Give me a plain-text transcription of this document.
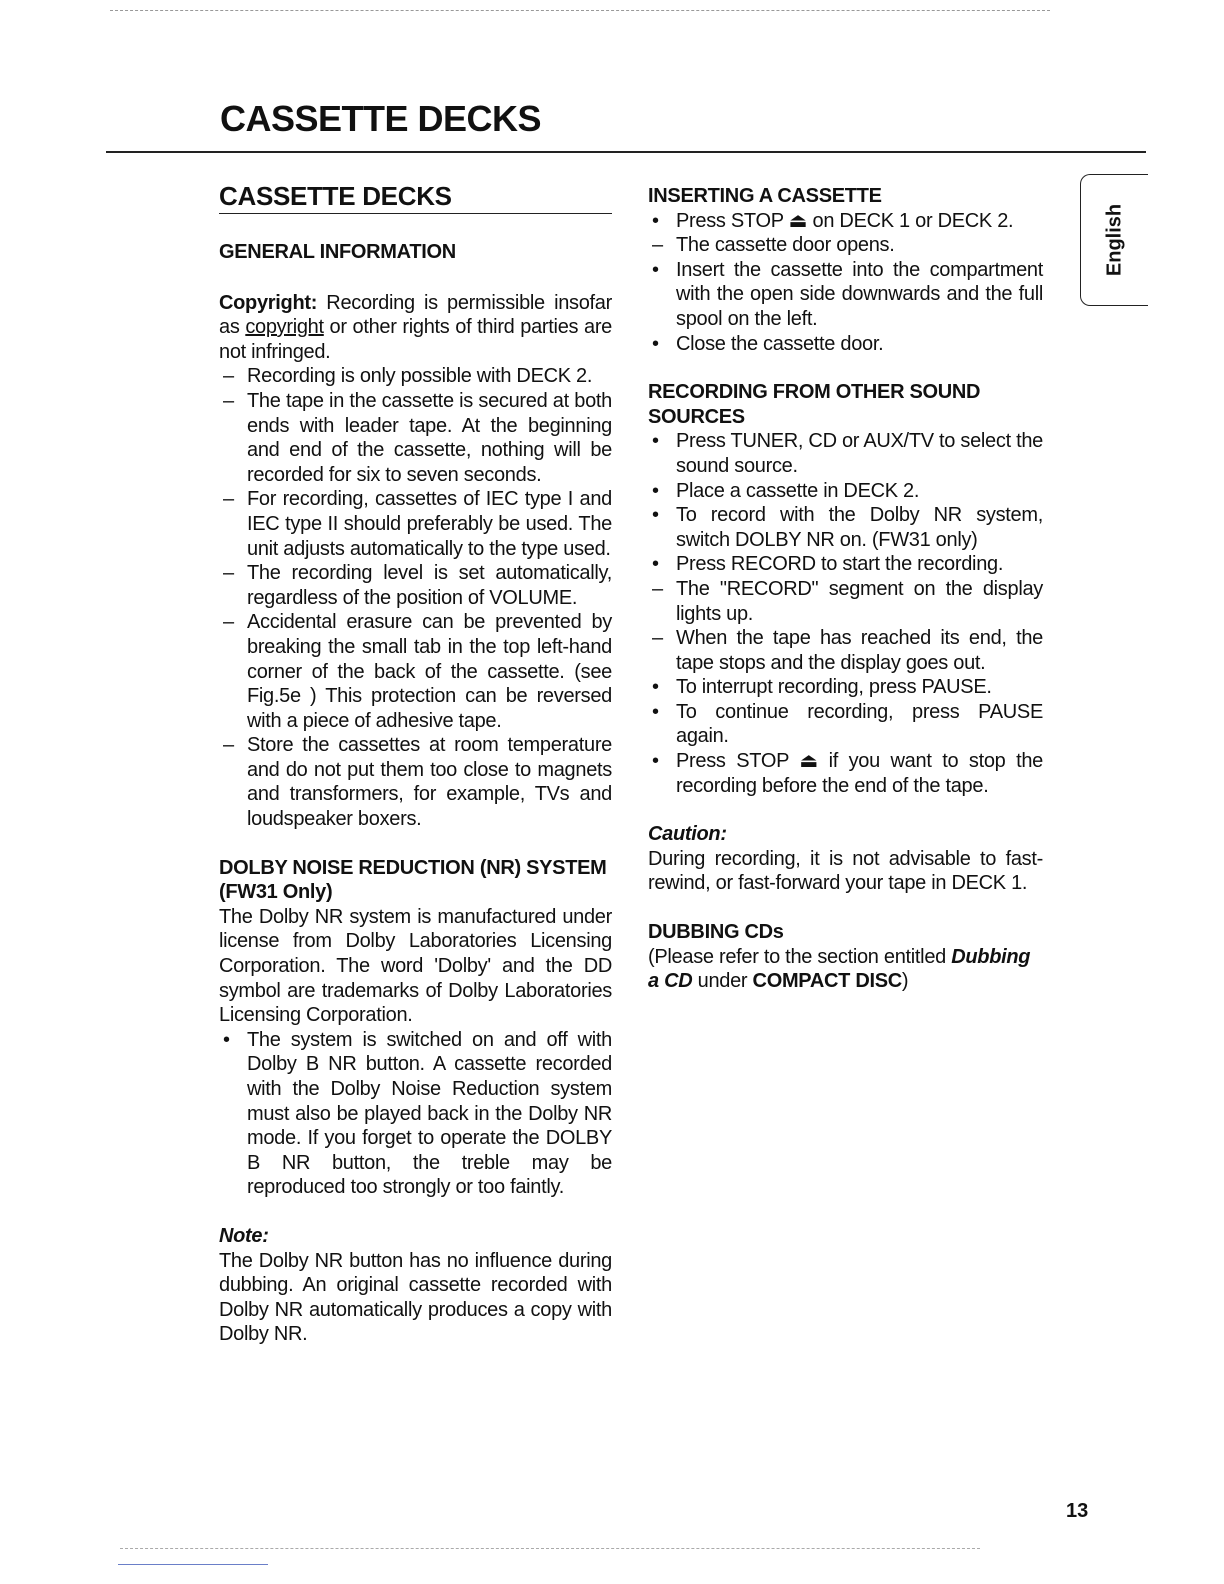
CASSETTE DECKS
English
CASSETTE DECKS

GENERAL INFORMATION

Copyright: Recording is permissible insofar as copyright or other rights of third parties are not infringed.

– Recording is only possible with DECK 2.
– The tape in the cassette is secured at both ends with leader tape. At the beginning and end of the cassette, nothing will be recorded for six to seven seconds.
– For recording, cassettes of IEC type I and IEC type II should preferably be used. The unit adjusts automatically to the type used.
– The recording level is set automatically, regardless of the position of VOLUME.
– Accidental erasure can be prevented by breaking the small tab in the top left-hand corner of the back of the cassette. (see Fig.5e ) This protection can be reversed with a piece of adhesive tape.
– Store the cassettes at room temperature and do not put them too close to magnets and transformers, for example, TVs and loudspeaker boxers.

DOLBY NOISE REDUCTION (NR) SYSTEM (FW31 Only)

The Dolby NR system is manufactured under license from Dolby Laboratories Licensing Corporation. The word 'Dolby' and the DD symbol are trademarks of Dolby Laboratories Licensing Corporation.

• The system is switched on and off with Dolby B NR button. A cassette recorded with the Dolby Noise Reduction system must also be played back in the Dolby NR mode. If you forget to operate the DOLBY B NR button, the treble may be reproduced too strongly or too faintly.

Note:

The Dolby NR button has no influence during dubbing. An original cassette recorded with Dolby NR automatically produces a copy with Dolby NR.

INSERTING A CASSETTE

• Press STOP ⏏ on DECK 1 or DECK 2.
– The cassette door opens.
• Insert the cassette into the compartment with the open side downwards and the full spool on the left.
• Close the cassette door.

RECORDING FROM OTHER SOUND SOURCES

• Press TUNER, CD or AUX/TV to select the sound source.
• Place a cassette in DECK 2.
• To record with the Dolby NR system, switch DOLBY NR on. (FW31 only)
• Press RECORD to start the recording.
– The "RECORD" segment on the display lights up.
– When the tape has reached its end, the tape stops and the display goes out.
• To interrupt recording, press PAUSE.
• To continue recording, press PAUSE again.
• Press STOP ⏏ if you want to stop the recording before the end of the tape.

Caution:

During recording, it is not advisable to fast-rewind, or fast-forward your tape in DECK 1.

DUBBING CDs

(Please refer to the section entitled Dubbing a CD under COMPACT DISC)

13
